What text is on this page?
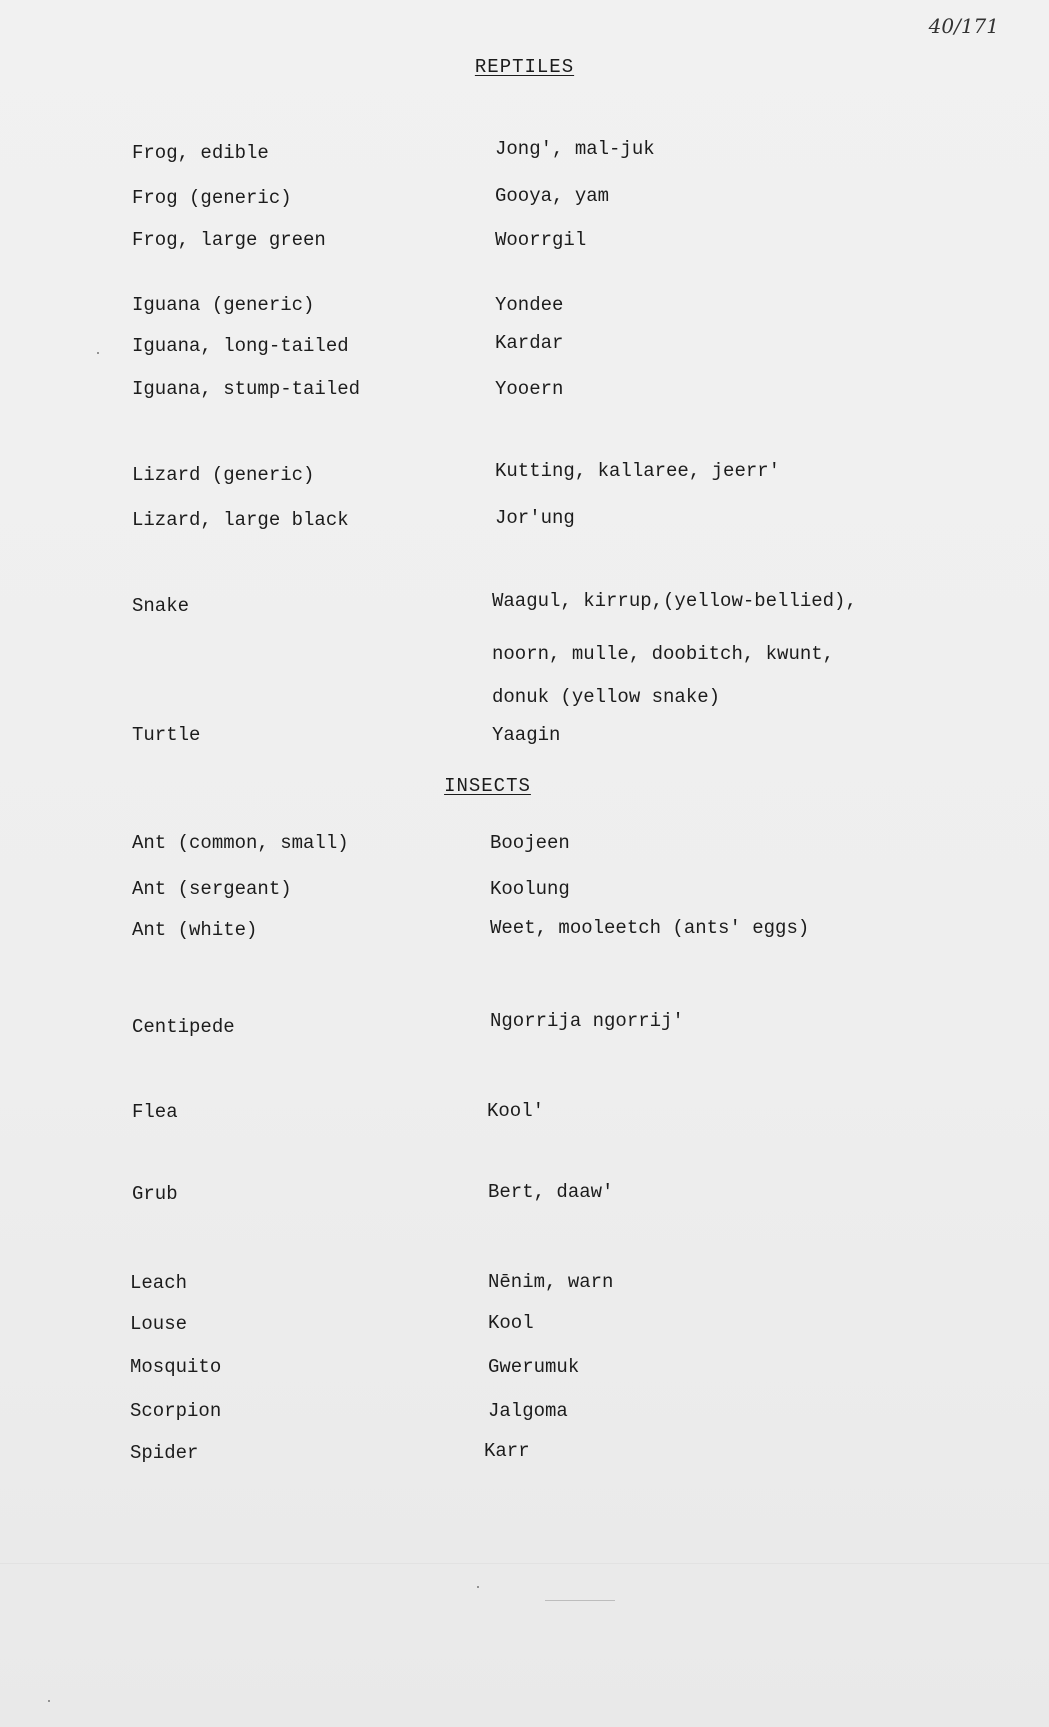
40/171
REPTILES
Frog, edible	Jong', mal-juk
Frog (generic)	Gooya, yam
Frog, large green	Woorrgil
Iguana (generic)	Yondee
Iguana, long-tailed	Kardar
Iguana, stump-tailed	Yooern
Lizard (generic)	Kutting, kallaree, jeerr'
Lizard, large black	Jor'ung
Snake	Waagul, kirrup,(yellow-bellied),
noorn, mulle, doobitch, kwunt,
donuk (yellow snake)
Turtle	Yaagin
INSECTS
Ant (common, small)	Boojeen
Ant (sergeant)	Koolung
Ant (white)	Weet, mooleetch (ants' eggs)
Centipede	Ngorrija ngorrij'
Flea	Kool'
Grub	Bert, daaw'
Leach	Nēnim, warn
Louse	Kool
Mosquito	Gwerumuk
Scorpion	Jalgoma
Spider	Karr
